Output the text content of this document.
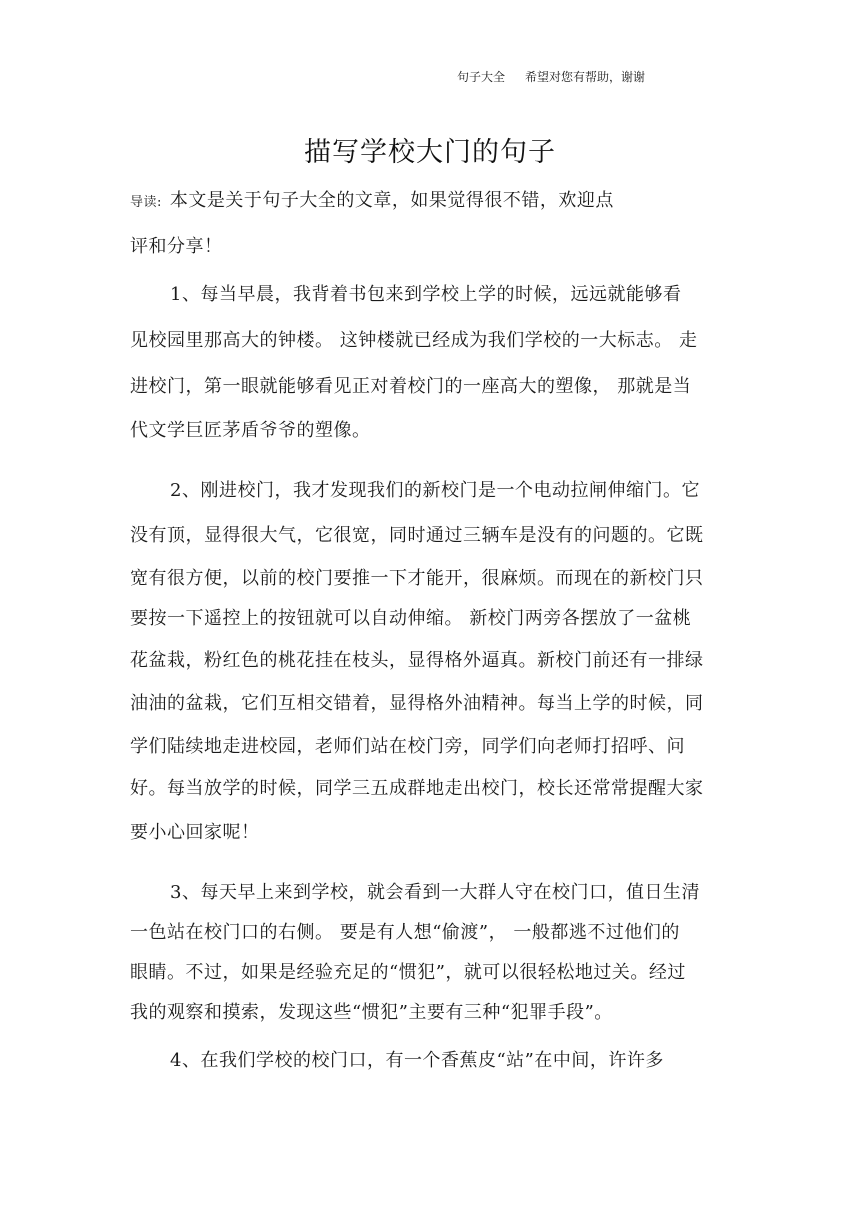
句子大全 希望对您有帮助，谢谢
描写学校大门的句子
导读: 本文是关于句子大全的文章，如果觉得很不错，欢迎点
评和分享！
1、每当早晨，我背着书包来到学校上学的时候，远远就能够看
见校园里那高大的钟楼。 这钟楼就已经成为我们学校的一大标志。 走
进校门，第一眼就能够看见正对着校门的一座高大的塑像， 那就是当
代文学巨匠茅盾爷爷的塑像。
2、刚进校门，我才发现我们的新校门是一个电动拉闸伸缩门。它
没有顶，显得很大气，它很宽，同时通过三辆车是没有的问题的。它既
宽有很方便，以前的校门要推一下才能开，很麻烦。而现在的新校门只
要按一下遥控上的按钮就可以自动伸缩。 新校门两旁各摆放了一盆桃
花盆栽，粉红色的桃花挂在枝头，显得格外逼真。新校门前还有一排绿
油油的盆栽，它们互相交错着，显得格外油精神。每当上学的时候，同
学们陆续地走进校园，老师们站在校门旁，同学们向老师打招呼、问
好。每当放学的时候，同学三五成群地走出校门，校长还常常提醒大家
要小心回家呢！
3、每天早上来到学校，就会看到一大群人守在校门口，值日生清
一色站在校门口的右侧。 要是有人想“偷渡”， 一般都逃不过他们的
眼睛。不过，如果是经验充足的“惯犯”，就可以很轻松地过关。经过
我的观察和摸索，发现这些“惯犯”主要有三种“犯罪手段”。
4、在我们学校的校门口，有一个香蕉皮“站”在中间，许许多
